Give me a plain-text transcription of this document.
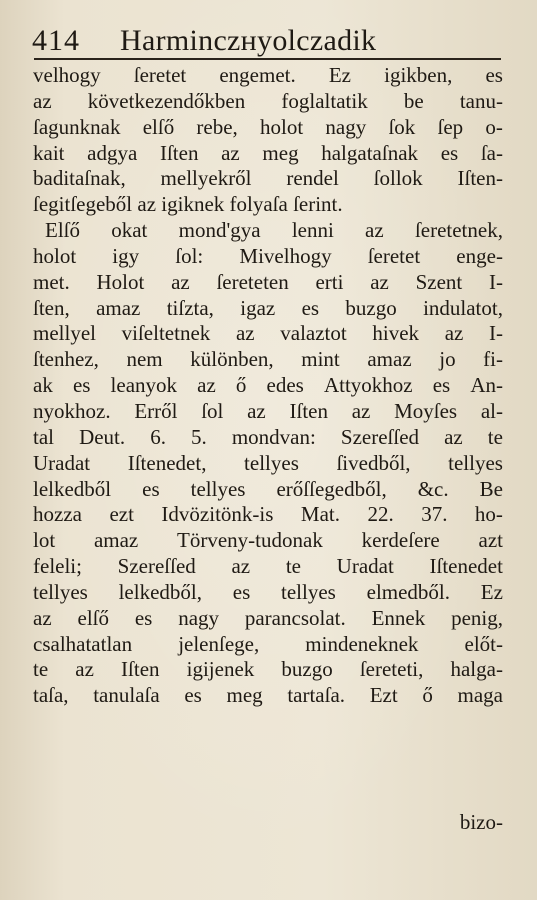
414 Harminczнyolczadik
velhogy ſeretet engemet. Ez igikben, es
az következendőkben foglaltatik be tanu-
ſagunknak elſő rebe, holot nagy ſok ſep o-
kait adgya Iſten az meg halgataſnak es ſa-
baditaſnak, mellyekről rendel ſollok Iſten-
ſegitſegeből az igiknek folyaſa ſerint.
Elſő okat mond'gya lenni az ſeretetnek,
holot igy ſol: Mivelhogy ſeretet enge-
met. Holot az ſereteten erti az Szent I-
ſten, amaz tiſzta, igaz es buzgo indulatot,
mellyel viſeltetnek az valaztot hivek az I-
ſtenhez, nem különben, mint amaz jo fi-
ak es leanyok az ő edes Attyokhoz es An-
nyokhoz. Erről ſol az Iſten az Moyſes al-
tal Deut. 6. 5. mondvan: Szereſſed az te
Uradat Iſtenedet, tellyes ſivedből, tellyes
lelkedből es tellyes erőſſegedből, &c. Be
hozza ezt Idvözitönk-is Mat. 22. 37. ho-
lot amaz Törveny-tudonak kerdeſere azt
feleli; Szereſſed az te Uradat Iſtenedet
tellyes lelkedből, es tellyes elmedből. Ez
az elſő es nagy parancsolat. Ennek penig,
csalhatatlan jelenſege, mindeneknek előt-
te az Iſten igijenek buzgo ſereteti, halga-
taſa, tanulaſa es meg tartaſa. Ezt ő maga
bizo-
